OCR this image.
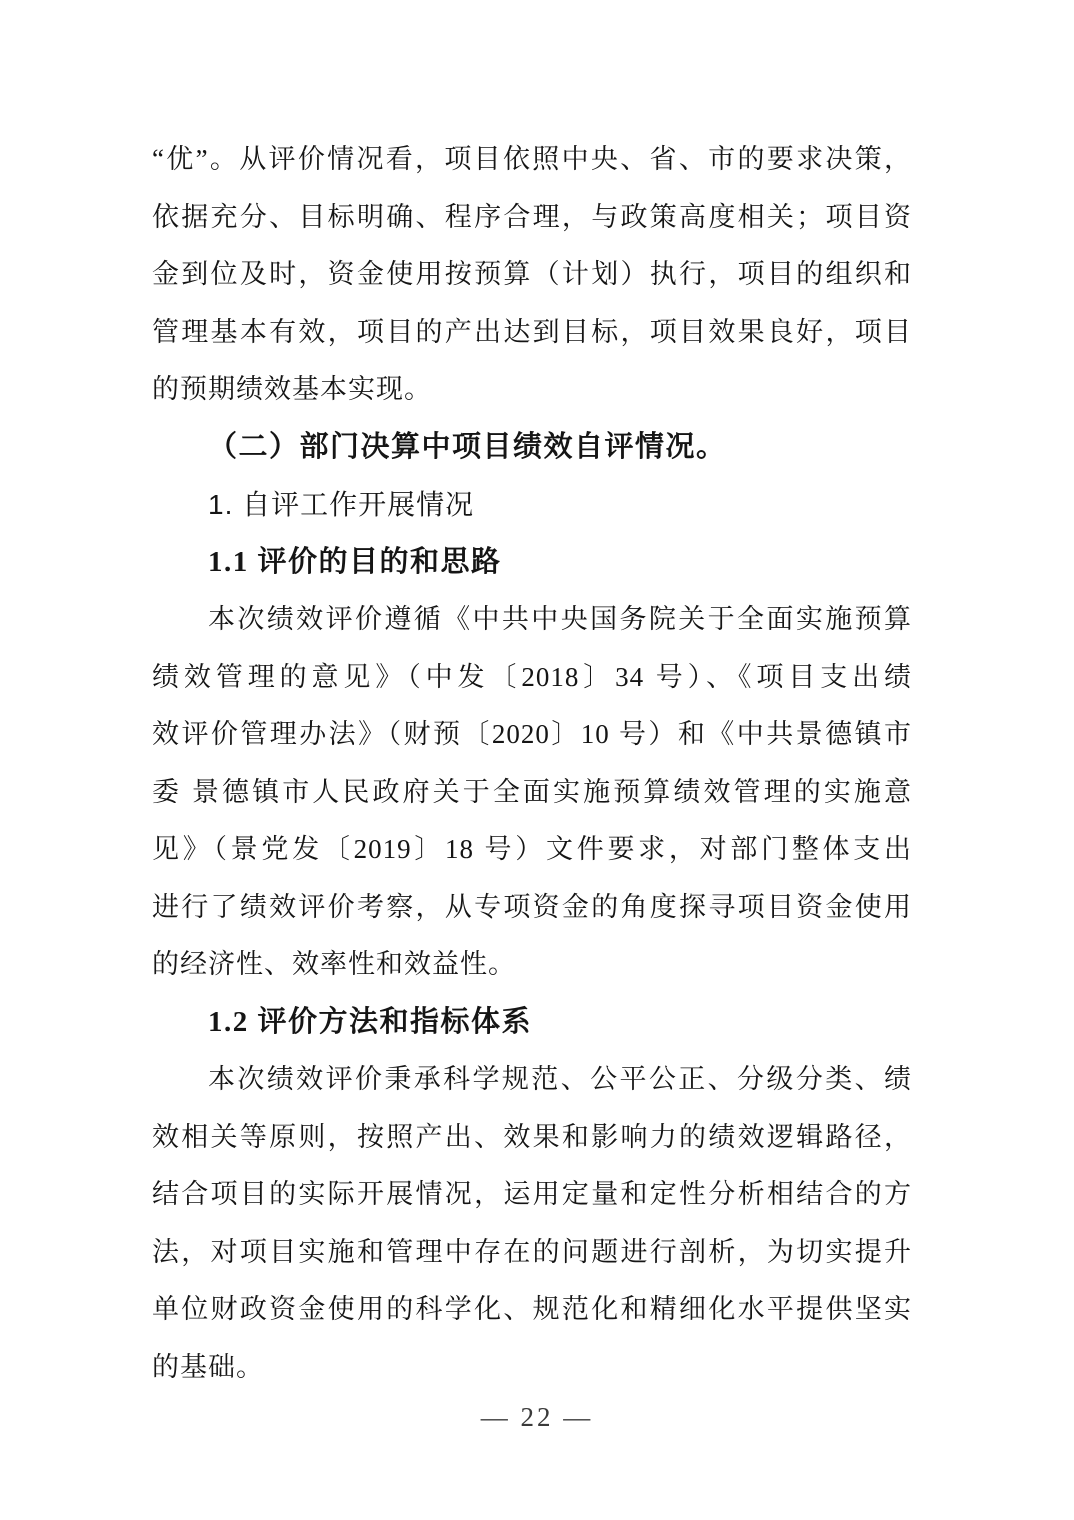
“优”。从评价情况看，项目依照中央、省、市的要求决策，
依据充分、目标明确、程序合理，与政策高度相关；项目资
金到位及时，资金使用按预算（计划）执行，项目的组织和
管理基本有效，项目的产出达到目标，项目效果良好，项目
的预期绩效基本实现。
（二）部门决算中项目绩效自评情况。
1. 自评工作开展情况
1.1 评价的目的和思路
本次绩效评价遵循《中共中央国务院关于全面实施预算
绩效管理的意见》（中发〔2018〕34 号）、《项目支出绩
效评价管理办法》（财预〔2020〕10 号）和《中共景德镇市
委 景德镇市人民政府关于全面实施预算绩效管理的实施意
见》（景党发〔2019〕18 号）文件要求，对部门整体支出
进行了绩效评价考察，从专项资金的角度探寻项目资金使用
的经济性、效率性和效益性。
1.2 评价方法和指标体系
本次绩效评价秉承科学规范、公平公正、分级分类、绩
效相关等原则，按照产出、效果和影响力的绩效逻辑路径，
结合项目的实际开展情况，运用定量和定性分析相结合的方
法，对项目实施和管理中存在的问题进行剖析，为切实提升
单位财政资金使用的科学化、规范化和精细化水平提供坚实
的基础。
— 22 —
